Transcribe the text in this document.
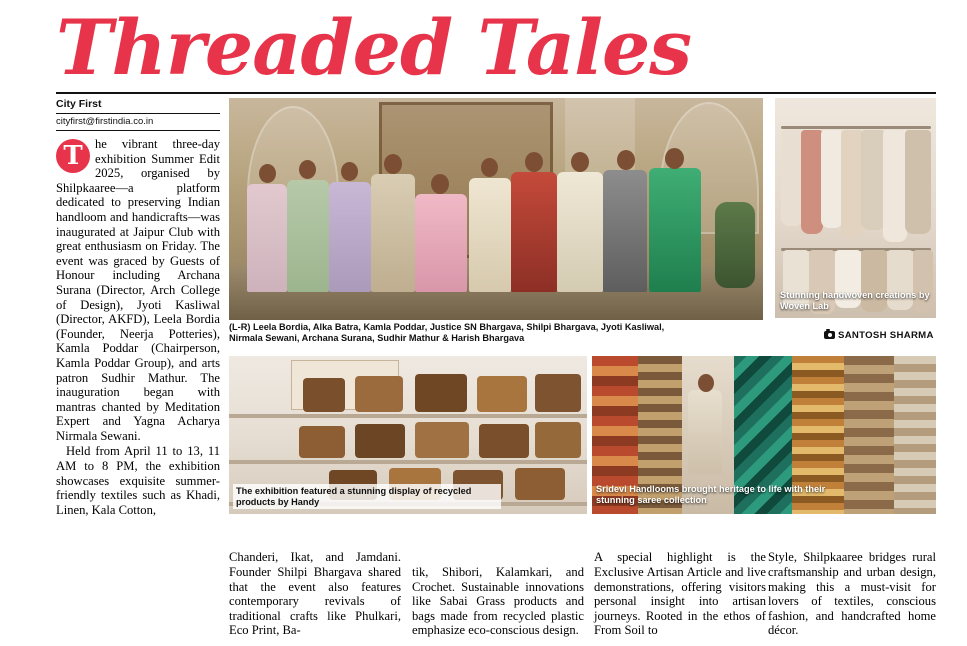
Threaded Tales
City First
cityfirst@firstindia.co.in
T he vibrant three-day exhibition Summer Edit 2025, organised by Shilpkaaree—a platform dedicated to preserving Indian handloom and handicrafts—was inaugurated at Jaipur Club with great enthusiasm on Friday. The event was graced by Guests of Honour including Archana Surana (Director, Arch College of Design), Jyoti Kasliwal (Director, AKFD), Leela Bordia (Founder, Neerja Potteries), Kamla Poddar (Chairperson, Kamla Poddar Group), and arts patron Sudhir Mathur. The inauguration began with mantras chanted by Meditation Expert and Yagna Acharya Nirmala Sewani.
Held from April 11 to 13, 11 AM to 8 PM, the exhibition showcases exquisite summer-friendly textiles such as Khadi, Linen, Kala Cotton,
(L-R) Leela Bordia, Alka Batra, Kamla Poddar, Justice SN Bhargava, Shilpi Bhargava, Jyoti Kasliwal, Nirmala Sewani, Archana Surana, Sudhir Mathur & Harish Bhargava
Stunning handwoven creations by Woven Lab
SANTOSH SHARMA
The exhibition featured a stunning display of recycled products by Handy
Sridevi Handlooms brought heritage to life with their stunning saree collection
Chanderi, Ikat, and Jamdani. Founder Shilpi Bhargava shared that the event also features contemporary revivals of traditional crafts like Phulkari, Eco Print, Ba-
tik, Shibori, Kalamkari, and Crochet. Sustainable innovations like Sabai Grass products and bags made from recycled plastic emphasize eco-conscious design.
A special highlight is the Exclusive Artisan Article and live demonstrations, offering visitors personal insight into artisan journeys. Rooted in the ethos of From Soil to
Style, Shilpkaaree bridges rural craftsmanship and urban design, making this a must-visit for lovers of textiles, conscious fashion, and handcrafted home décor.
